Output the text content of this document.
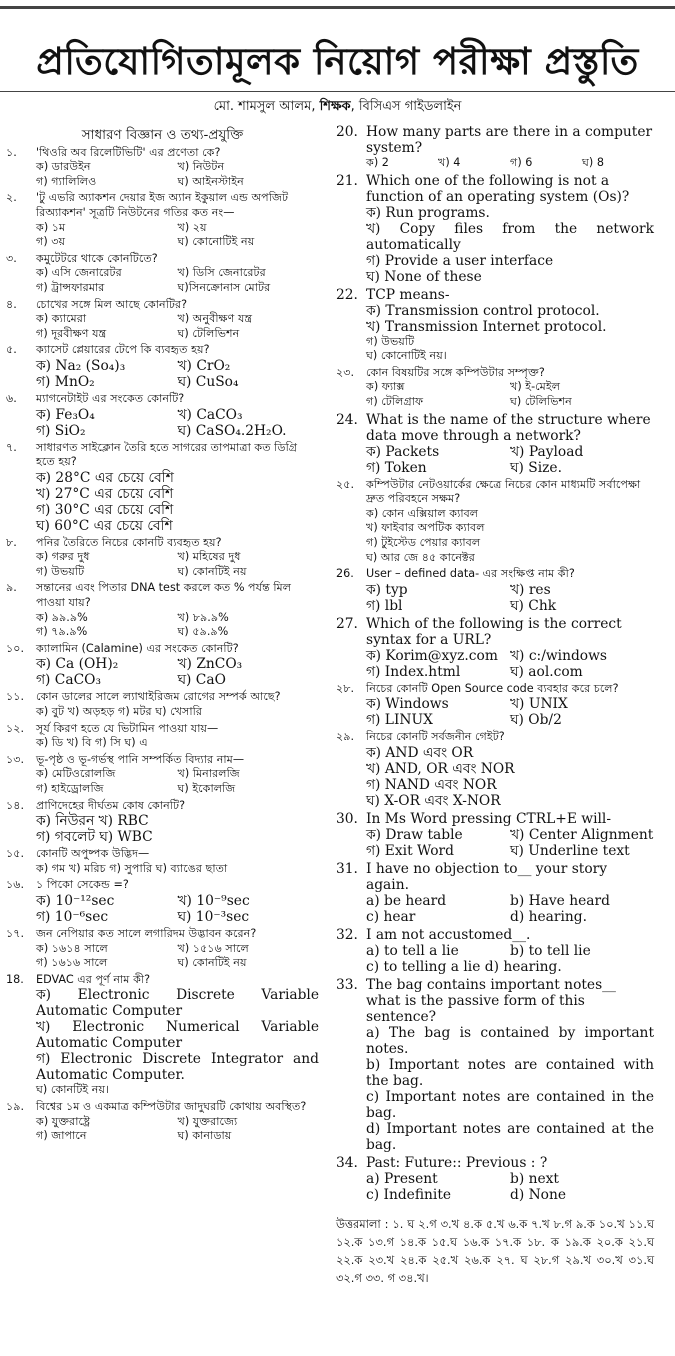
প্রতিযোগিতামূলক নিয়োগ পরীক্ষা প্রস্তুতি
মো. শামসুল আলম, শিক্ষক, বিসিএস গাইডলাইন
সাধারণ বিজ্ঞান ও তথ্য-প্রযুক্তি
১.	'থিওরি অব রিলেটিভিটি' এর প্রণেতা কে?
ক) ডারউইন	খ) নিউটন
গ) গ্যালিলিও	ঘ) আইনস্টাইন
২.	'টু এভরি অ্যাকশন দেয়ার ইজ অ্যান ইকুয়াল এন্ড অপজিট রিঅ্যাকশন' সূত্রটি নিউটনের গতির কত নং—
ক) ১ম	খ) ২য়
গ) ৩য়	ঘ) কোনোটিই নয়
৩.	কমুটেটরে থাকে কোনটিতে?
ক) এসি জেনারেটর	খ) ডিসি জেনারেটর
গ) ট্রান্সফারমার	ঘ)সিনক্রোনাস মোটর
৪.	চোখের সঙ্গে মিল আছে কোনটির?
ক) ক্যামেরা	খ) অনুবীক্ষণ যন্ত্র
গ) দূরবীক্ষণ যন্ত্র	ঘ) টেলিভিশন
৫.	ক্যাসেট প্লেয়ারের টেপে কি ব্যবহৃত হয়?
ক) Na₂ (So₄)₃	খ) CrO₂
গ) MnO₂	ঘ) CuSo₄
৬.	ম্যাগনেটাইট এর সংকেত কোনটি?
ক) Fe₃O₄	খ) CaCO₃
গ) SiO₂	ঘ) CaSO₄.2H₂O.
৭.	সাধারণত সাইক্লোন তৈরি হতে সাগরের তাপমাত্রা কত ডিগ্রি হতে হয়?
ক) 28°C এর চেয়ে বেশি
খ) 27°C এর চেয়ে বেশি
গ) 30°C এর চেয়ে বেশি
ঘ) 60°C এর চেয়ে বেশি
৮.	পনির তৈরিতে নিচের কোনটি ব্যবহৃত হয়?
ক) গরুর দুধ	খ) মহিষের দুধ
গ) উভয়টি	ঘ) কোনটিই নয়
৯.	সন্তানের এবং পিতার DNA test করলে কত % পর্যন্ত মিল পাওয়া যায়?
ক) ৯৯.৯%	খ) ৮৯.৯%
গ) ৭৯.৯%	ঘ) ৫৯.৯%
১০.	ক্যালামিন (Calamine) এর সংকেত কোনটি?
ক) Ca (OH)₂	খ) ZnCO₃
গ) CaCO₃	ঘ) CaO
১১.	কোন ডালের সালে ল্যাথাইরিজম রোগের সম্পর্ক আছে?
ক) বুট খ) অড়হড় গ) মটর ঘ) খেসারি
১২.	সূর্য কিরণ হতে যে ভিটামিন পাওয়া যায়—
ক) ডি খ) বি গ) সি ঘ) এ
১৩.	ভূ-পৃষ্ঠ ও ভূ-গর্ভস্থ পানি সম্পর্কিত বিদ্যার নাম—
ক) মেটিওরোলজি	খ) মিনারলজি
গ) হাইড্রোলজি	ঘ) ইকোলজি
১৪.	প্রাণিদেহের দীর্ঘতম কোষ কোনটি?
ক) নিউরন খ) RBC
গ) গবলেট ঘ) WBC
১৫.	কোনটি অপুষ্পক উদ্ভিদ—
ক) গম খ) মরিচ গ) সুপারি ঘ) ব্যাঙের ছাতা
১৬.	১ পিকো সেকেন্ড =?
ক) 10⁻¹²sec	খ) 10⁻⁹sec
গ) 10⁻⁶sec	ঘ) 10⁻³sec
১৭.	জন নেপিয়ার কত সালে লগারিদম উদ্ভাবন করেন?
ক) ১৬১৪ সালে	খ) ১৫১৬ সালে
গ) ১৬১৬ সালে	ঘ) কোনটিই নয়
18.	EDVAC এর পূর্ণ নাম কী?
ক) Electronic Discrete Variable Automatic Computer
খ) Electronic Numerical Variable Automatic Computer
গ) Electronic Discrete Integrator and Automatic Computer.
ঘ) কোনটিই নয়।
১৯.	বিশ্বের ১ম ও একমাত্র কম্পিউটার জাদুঘরটি কোথায় অবস্থিত?
ক) যুক্তরাষ্ট্রে	খ) যুক্তরাজ্যে
গ) জাপানে	ঘ) কানাডায়
20. How many parts are there in a computer system?
ক) 2	খ) 4	গ) 6	ঘ) 8
21. Which one of the following is not a function of an operating system (Os)?
ক) Run programs.
খ) Copy files from the network automatically
গ) Provide a user interface
ঘ) None of these
22. TCP means-
ক) Transmission control protocol.
খ) Transmission Internet protocol.
গ) উভয়টি
ঘ) কোনোটিই নয়।
২৩.	কোন বিষয়টির সঙ্গে কম্পিউটার সম্পৃক্ত?
ক) ফ্যাক্স	খ) ই-মেইল
গ) টেলিগ্রাফ	ঘ) টেলিভিশন
24. What is the name of the structure where data move through a network?
ক) Packets	খ) Payload
গ) Token	ঘ) Size.
২৫.	কম্পিউটার নেটওয়ার্কের ক্ষেত্রে নিচের কোন মাধ্যমটি সর্বাপেক্ষা দ্রুত পরিবহনে সক্ষম?
ক) কোন এক্সিয়াল ক্যাবল
খ) ফাইবার অপটিক ক্যাবল
গ) টুইস্টেড পেয়ার ক্যাবল
ঘ) আর জে ৪৫ কানেক্টর
26.	User – defined data- এর সংক্ষিপ্ত নাম কী?
ক) typ	খ) res
গ) lbl	ঘ) Chk
27. Which of the following is the correct syntax for a URL?
ক) Korim@xyz.com খ) c:/windows
গ) Index.html	ঘ) aol.com
২৮.	নিচের কোনটি Open Source code ব্যবহার করে চলে?
ক) Windows	খ) UNIX
গ) LINUX	ঘ) Ob/2
২৯.	নিচের কোনটি সর্বজনীন গেইট?
ক) AND এবং OR
খ) AND, OR এবং NOR
গ) NAND এবং NOR
ঘ) X-OR এবং X-NOR
30. In Ms Word pressing CTRL+E will-
ক) Draw table	খ) Center Alignment
গ) Exit Word	ঘ) Underline text
31. I have no objection to__ your story again.
a) be heard	b) Have heard
c) hear	d) hearing.
32. I am not accustomed__.
a) to tell a lie	b) to tell lie
c) to telling a lie d) hearing.
33. The bag contains important notes__ what is the passive form of this sentence?
a) The bag is contained by important notes.
b) Important notes are contained with the bag.
c) Important notes are contained in the bag.
d) Important notes are contained at the bag.
34. Past: Future:: Previous : ?
a) Present	b) next
c) Indefinite	d) None
উত্তরমালা : ১. ঘ ২.গ ৩.খ ৪.ক ৫.খ ৬.ক ৭.খ ৮.গ ৯.ক ১০.খ ১১.ঘ ১২.ক ১৩.গ ১৪.ক ১৫.ঘ ১৬.ক ১৭.ক ১৮. ক ১৯.ক ২০.ক ২১.ঘ ২২.ক ২৩.খ ২৪.ক ২৫.খ ২৬.ক ২৭. ঘ ২৮.গ ২৯.খ ৩০.খ ৩১.ঘ ৩২.গ ৩৩. গ ৩৪.খ।
